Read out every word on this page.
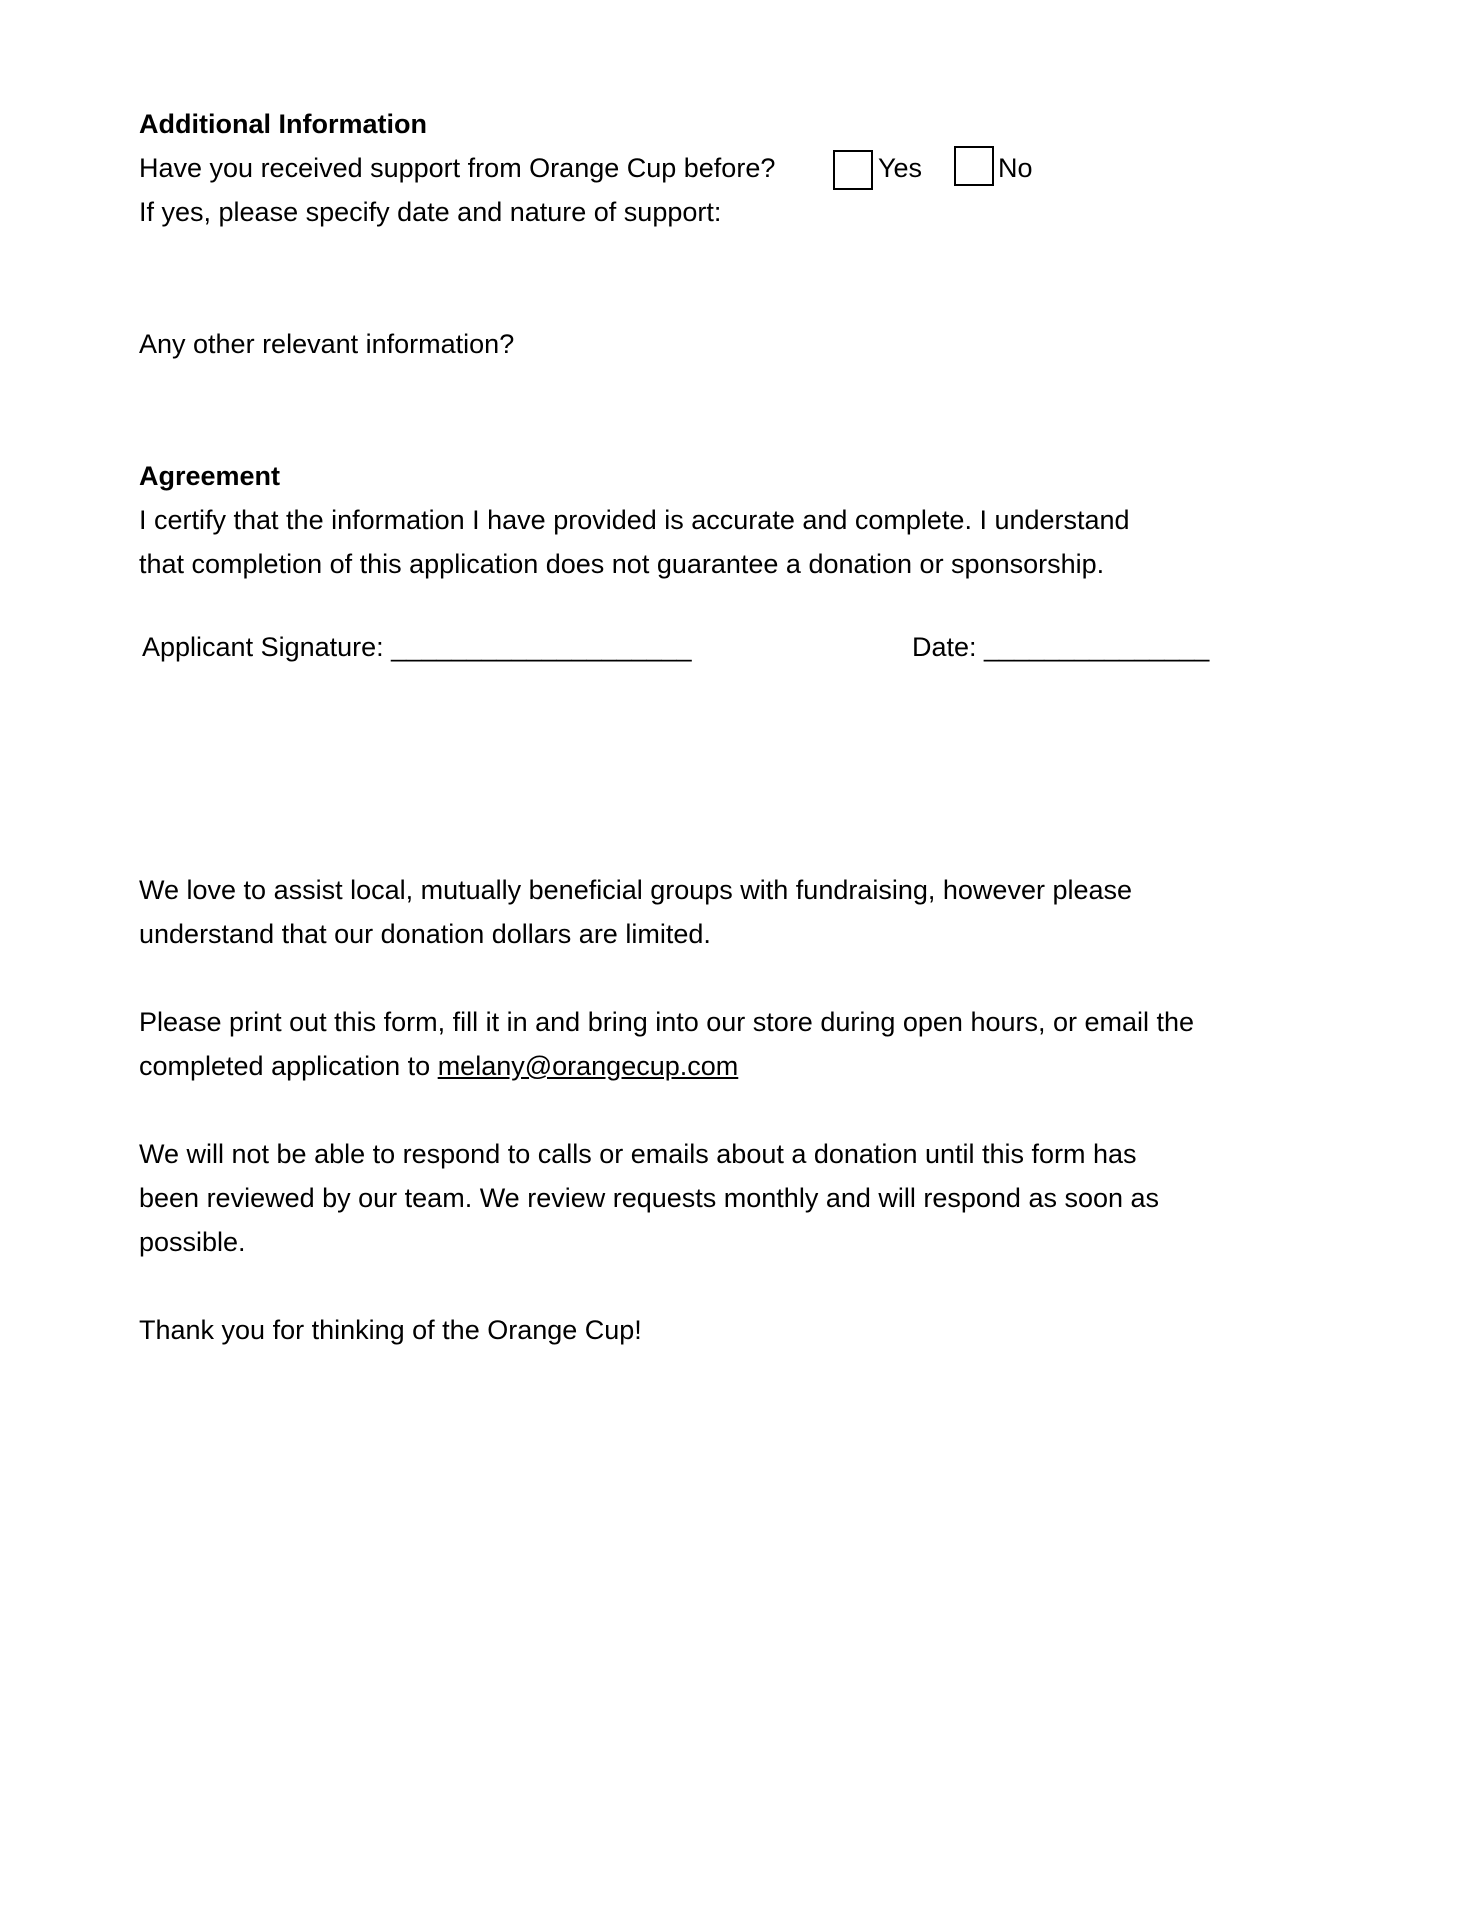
Additional Information
Have you received support from Orange Cup before?	Yes	No
If yes, please specify date and nature of support:
Any other relevant information?
Agreement
I certify that the information I have provided is accurate and complete. I understand
that completion of this application does not guarantee a donation or sponsorship.
Applicant Signature: ____________________	Date: _______________
We love to assist local, mutually beneficial groups with fundraising, however please
understand that our donation dollars are limited.
Please print out this form, fill it in and bring into our store during open hours, or email the
completed application to melany@orangecup.com
We will not be able to respond to calls or emails about a donation until this form has
been reviewed by our team. We review requests monthly and will respond as soon as
possible.
Thank you for thinking of the Orange Cup!
